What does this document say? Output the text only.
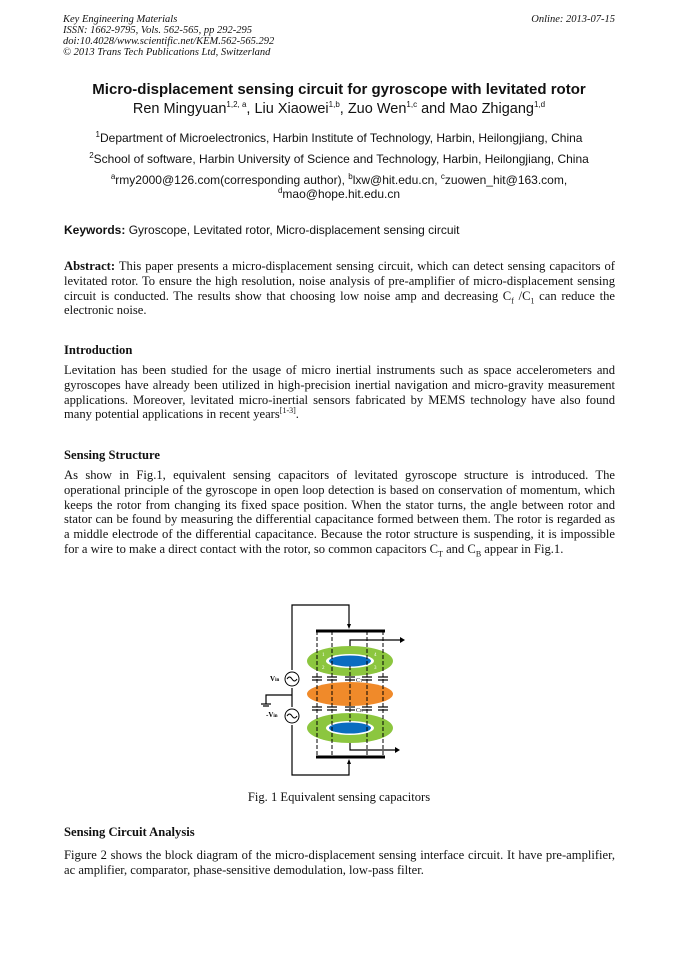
Key Engineering Materials
ISSN: 1662-9795, Vols. 562-565, pp 292-295
doi:10.4028/www.scientific.net/KEM.562-565.292
© 2013 Trans Tech Publications Ltd, Switzerland
Online: 2013-07-15
Micro-displacement sensing circuit for gyroscope with levitated rotor
Ren Mingyuan$^{1,2, a}$, Liu Xiaowei$^{1,b}$, Zuo Wen$^{1,c}$ and Mao Zhigang$^{1,d}$
$^1$Department of Microelectronics, Harbin Institute of Technology, Harbin, Heilongjiang, China
$^2$School of software, Harbin University of Science and Technology, Harbin, Heilongjiang, China
$^a$rmy2000@126.com(corresponding author), $^b$lxw@hit.edu.cn, $^c$zuowen_hit@163.com,
$^d$mao@hope.hit.edu.cn
Keywords: Gyroscope, Levitated rotor, Micro-displacement sensing circuit
Abstract: This paper presents a micro-displacement sensing circuit, which can detect sensing capacitors of levitated rotor. To ensure the high resolution, noise analysis of pre-amplifier of micro-displacement sensing circuit is conducted. The results show that choosing low noise amp and decreasing $C_f$ $/C_1$ can reduce the electronic noise.
Introduction
Levitation has been studied for the usage of micro inertial instruments such as space accelerometers and gyroscopes have already been utilized in high-precision inertial navigation and micro-gravity measurement applications. Moreover, levitated micro-inertial sensors fabricated by MEMS technology have also found many potential applications in recent years[1-3].
Sensing Structure
As show in Fig.1, equivalent sensing capacitors of levitated gyroscope structure is introduced. The operational principle of the gyroscope in open loop detection is based on conservation of momentum, which keeps the rotor from changing its fixed space position. When the stator turns, the angle between rotor and stator can be found by measuring the differential capacitance formed between them. The rotor is regarded as a middle electrode of the differential capacitance. Because the rotor structure is suspending, it is impossible for a wire to make a direct contact with the rotor, so common capacitors $C_T$ and $C_B$ appear in Fig.1.
1
2	3
4
CT
CB
Vin
-Vin
Fig. 1 Equivalent sensing capacitors
Sensing Circuit Analysis
Figure 2 shows the block diagram of the micro-displacement sensing interface circuit. It have pre-amplifier, ac amplifier, comparator, phase-sensitive demodulation, low-pass filter.
